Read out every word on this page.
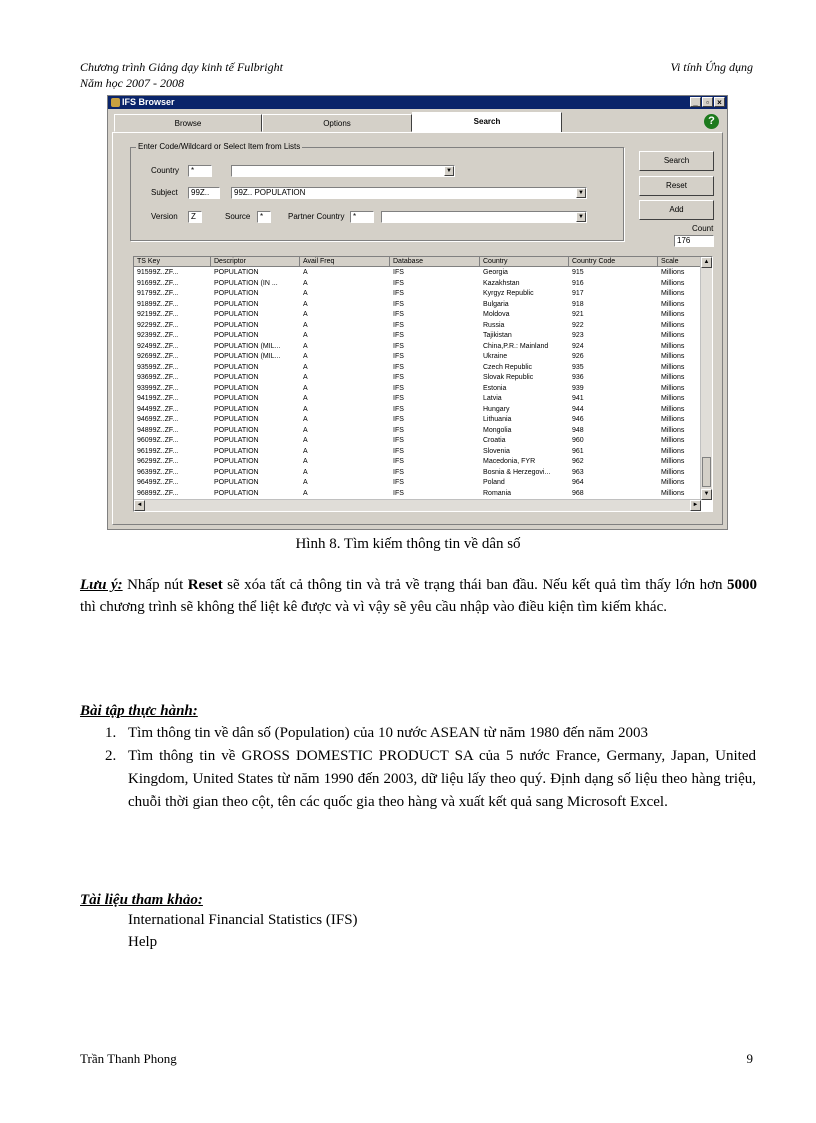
Chương trình Giảng dạy kinh tế Fulbright
Năm học 2007 - 2008
Vi tính Ứng dụng
IFS Browser	_	▫	×
Browse	Options	Search	?
Enter Code/Wildcard or Select Item from Lists
Country	*	▼
Subject	99Z..	99Z.. POPULATION	▼
Version	Z	Source	*	Partner Country	*	▼
Search
Reset
Add
Count
176
TS Key	Descriptor	Avail Freq	Database	Country	Country Code	Scale
91599Z..ZF...	POPULATION	A	IFS	Georgia	915	Millions
91699Z..ZF...	POPULATION (IN ...	A	IFS	Kazakhstan	916	Millions
91799Z..ZF...	POPULATION	A	IFS	Kyrgyz Republic	917	Millions
91899Z..ZF...	POPULATION	A	IFS	Bulgaria	918	Millions
92199Z..ZF...	POPULATION	A	IFS	Moldova	921	Millions
92299Z..ZF...	POPULATION	A	IFS	Russia	922	Millions
92399Z..ZF...	POPULATION	A	IFS	Tajikistan	923	Millions
92499Z..ZF...	POPULATION (MIL...	A	IFS	China,P.R.: Mainland	924	Millions
92699Z..ZF...	POPULATION (MIL...	A	IFS	Ukraine	926	Millions
93599Z..ZF...	POPULATION	A	IFS	Czech Republic	935	Millions
93699Z..ZF...	POPULATION	A	IFS	Slovak Republic	936	Millions
93999Z..ZF...	POPULATION	A	IFS	Estonia	939	Millions
94199Z..ZF...	POPULATION	A	IFS	Latvia	941	Millions
94499Z..ZF...	POPULATION	A	IFS	Hungary	944	Millions
94699Z..ZF...	POPULATION	A	IFS	Lithuania	946	Millions
94899Z..ZF...	POPULATION	A	IFS	Mongolia	948	Millions
96099Z..ZF...	POPULATION	A	IFS	Croatia	960	Millions
96199Z..ZF...	POPULATION	A	IFS	Slovenia	961	Millions
96299Z..ZF...	POPULATION	A	IFS	Macedonia, FYR	962	Millions
96399Z..ZF...	POPULATION	A	IFS	Bosnia & Herzegovi...	963	Millions
96499Z..ZF...	POPULATION	A	IFS	Poland	964	Millions
96899Z..ZF...	POPULATION	A	IFS	Romania	968	Millions
▲
▼
◄	►
Hình 8. Tìm kiếm thông tin về dân số
Lưu ý: Nhấp nút Reset sẽ xóa tất cả thông tin và trả về trạng thái ban đầu. Nếu kết quả tìm thấy lớn hơn 5000 thì chương trình sẽ không thể liệt kê được và vì vậy sẽ yêu cầu nhập vào điều kiện tìm kiếm khác.
Bài tập thực hành:
1. Tìm thông tin về dân số (Population) của 10 nước ASEAN từ năm 1980 đến năm 2003
2. Tìm thông tin về GROSS DOMESTIC PRODUCT SA của 5 nước France, Germany, Japan, United Kingdom, United States từ năm 1990 đến 2003, dữ liệu lấy theo quý. Định dạng số liệu theo hàng triệu, chuỗi thời gian theo cột, tên các quốc gia theo hàng và xuất kết quả sang Microsoft Excel.
Tài liệu tham khảo:
International Financial Statistics (IFS)
Help
Trần Thanh Phong	9
